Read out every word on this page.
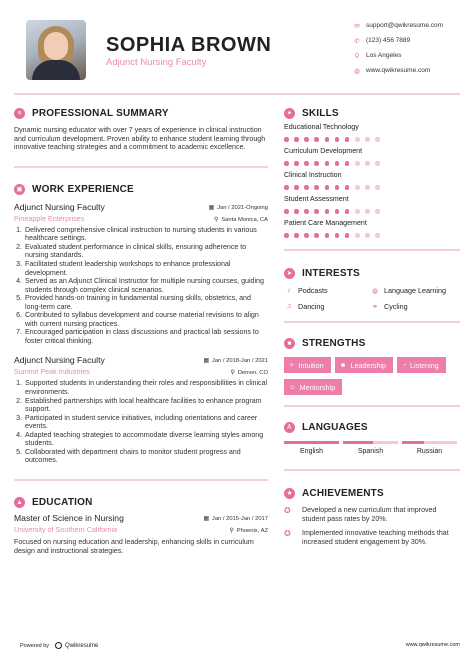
SOPHIA BROWN
Adjunct Nursing Faculty
✉ support@qwikresume.com
✆ (123) 456 7889
⚲	Los Angeles
◍ www.qwikresume.com
≡	PROFESSIONAL SUMMARY

Dynamic nursing educator with over 7 years of experience in clinical instruction and curriculum development. Proven ability to enhance student learning through innovative teaching strategies and a commitment to academic excellence.

▣ WORK EXPERIENCE
Adjunct Nursing Faculty
Pineapple Enterprises
▦ Jan / 2021-Ongoing
⚲ Santa Monica, CA
1. Delivered comprehensive clinical instruction to nursing students in various healthcare settings.
2. Evaluated student performance in clinical skills, ensuring adherence to nursing standards.
3. Facilitated student leadership workshops to enhance professional development.
4. Served as an Adjunct Clinical Instructor for multiple nursing courses, guiding students through complex clinical scenarios.
5. Provided hands-on training in fundamental nursing skills, obstetrics, and long-term care.
6. Contributed to syllabus development and course material revisions to align with current nursing practices.
7. Encouraged participation in class discussions and practical lab sessions to foster critical thinking.
Adjunct Nursing Faculty
Summit Peak Industries
▦ Jan / 2018-Jan / 2021
⚲ Denver, CO
1. Supported students in understanding their roles and responsibilities in clinical environments.
2. Established partnerships with local healthcare facilities to enhance program support.
3. Participated in student service initiatives, including orientations and career events.
4. Adapted teaching strategies to accommodate diverse learning styles among students.
5. Collaborated with department chairs to monitor student progress and outcomes.
▲ EDUCATION
Master of Science in Nursing
University of Southern California
▦ Jan / 2015-Jan / 2017
⚲ Phoenix, AZ

Focused on nursing education and leadership, enhancing skills in curriculum design and instructional strategies.

✦ SKILLS
Educational Technology
Curriculum Development
Clinical Instruction
Student Assessment
Patient Care Management
➤ INTERESTS
♪	Podcasts	◍ Language Learning
♫ Dancing	⚭ Cycling
■	STRENGTHS
✧ Intuition ☻ Leadership ◔ Listening
☺ Mentorship
Ꭺ	LANGUAGES
English	Spanish	Russian
★ ACHIEVEMENTS
✪	Developed a new curriculum that improved student pass rates by 20%.
✪	Implemented innovative teaching methods that increased student engagement by 30%.
Powered by	Qwikresume	www.qwikresume.com
